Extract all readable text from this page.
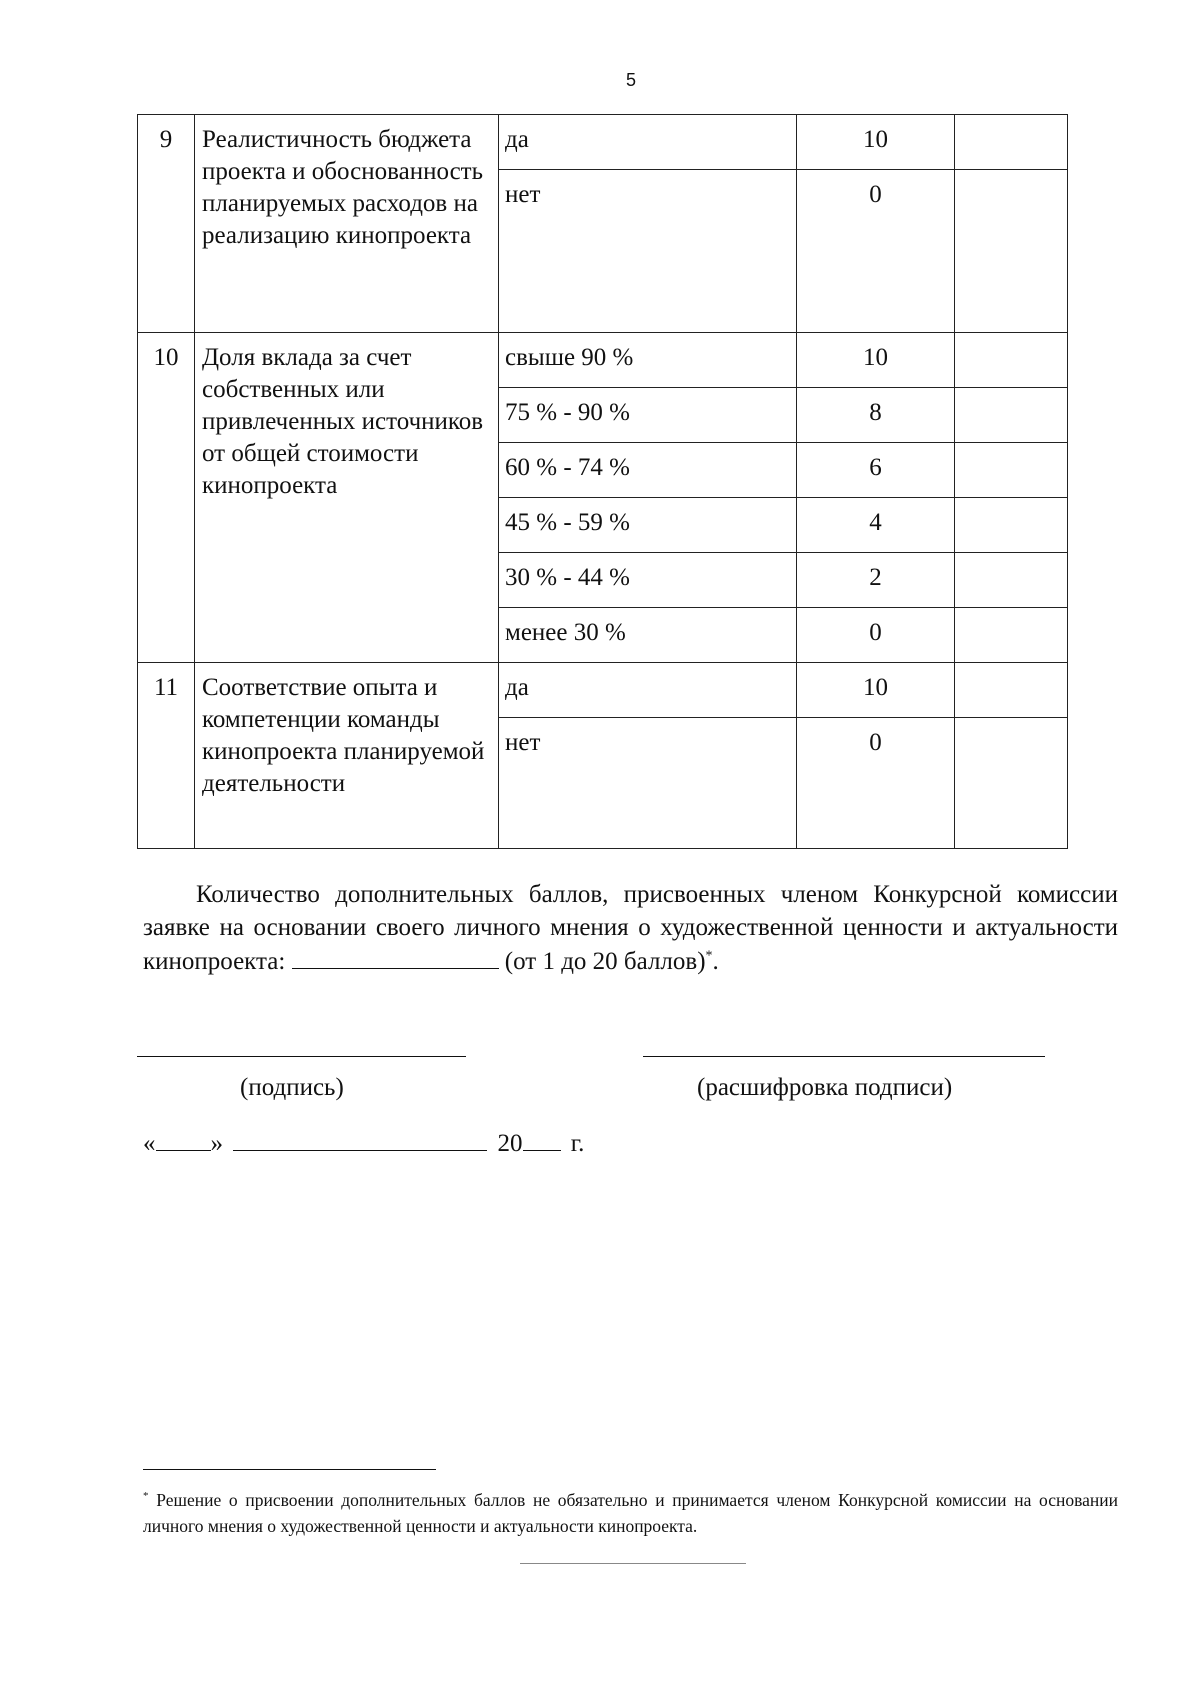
5
9	Реалистичность бюджета проекта и обоснованность планируемых расходов на реализацию кинопроекта	да	10	
		нет	0	
10	Доля вклада за счет собственных или привлеченных источников от общей стоимости кинопроекта	свыше 90 %	10	
		75 % - 90 %	8	
		60 % - 74 %	6	
		45 % - 59 %	4	
		30 % - 44 %	2	
		менее 30 %	0	
11	Соответствие опыта и компетенции команды кинопроекта планируемой деятельности	да	10	
		нет	0	
Количество дополнительных баллов, присвоенных членом Конкурсной комиссии заявке на основании своего личного мнения о художественной ценности и актуальности кинопроекта:	(от 1 до 20 баллов)*.
(подпись)	(расшифровка подписи)
« »	20 г.
* Решение о присвоении дополнительных баллов не обязательно и принимается членом Конкурсной комиссии на основании личного мнения о художественной ценности и актуальности кинопроекта.
